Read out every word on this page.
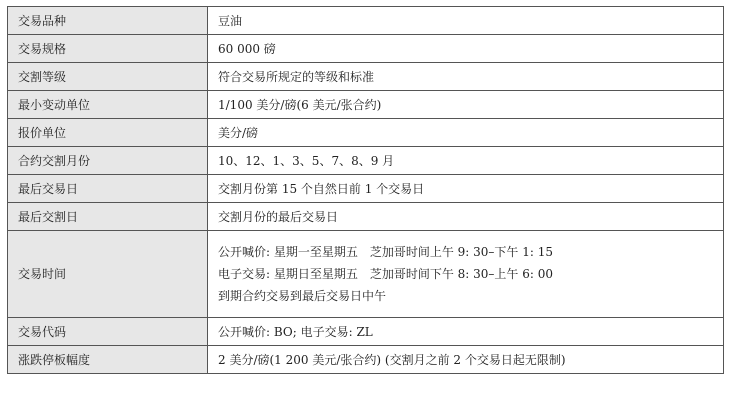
交易品种	豆油
交易规格	60 000 磅
交割等级	符合交易所规定的等级和标准
最小变动单位	1/100 美分/磅(6 美元/张合约)
报价单位	美分/磅
合约交割月份	10、12、1、3、5、7、8、9 月
最后交易日	交割月份第 15 个自然日前 1 个交易日
最后交割日	交割月份的最后交易日
交易时间	公开喊价: 星期一至星期五　芝加哥时间上午 9: 30–下午 1: 15
电子交易: 星期日至星期五　芝加哥时间下午 8: 30–上午 6: 00
到期合约交易到最后交易日中午

交易代码	公开喊价: BO; 电子交易: ZL
涨跌停板幅度	2 美分/磅(1 200 美元/张合约) (交割月之前 2 个交易日起无限制)
